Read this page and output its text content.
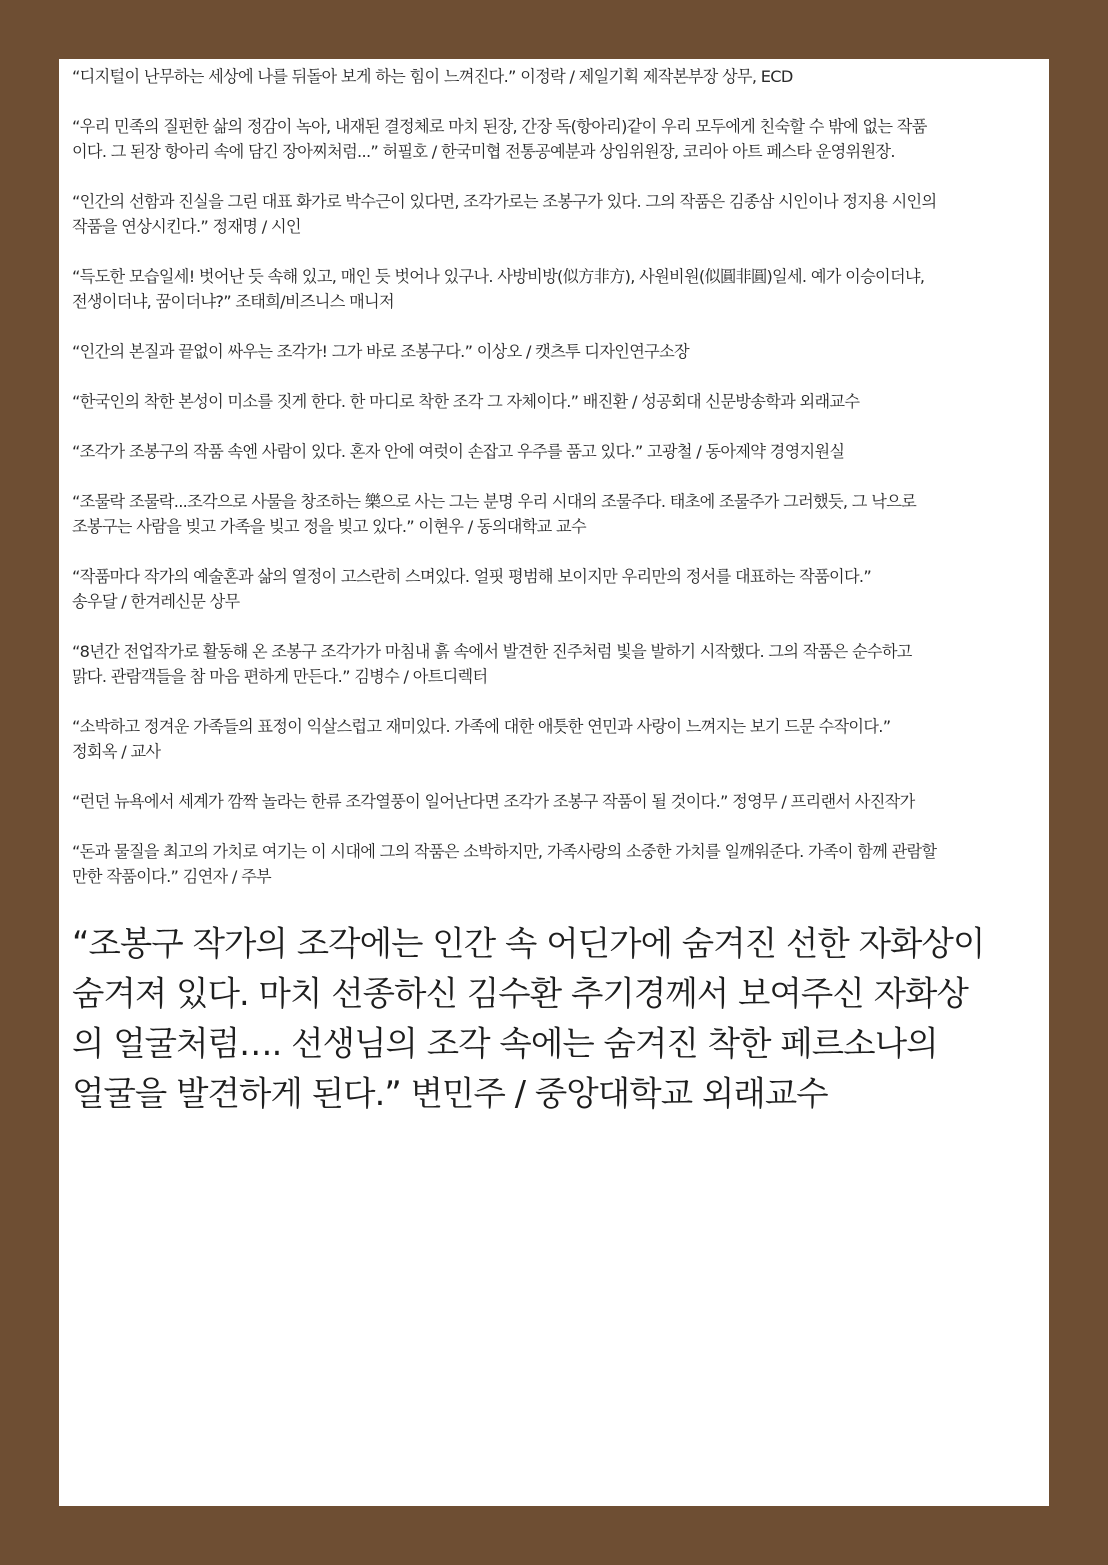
“디지털이 난무하는 세상에 나를 뒤돌아 보게 하는 힘이 느껴진다.” 이정락 / 제일기획 제작본부장 상무, ECD
“우리 민족의 질펀한 삶의 정감이 녹아, 내재된 결정체로 마치 된장, 간장 독(항아리)같이 우리 모두에게 친숙할 수 밖에 없는 작품
이다. 그 된장 항아리 속에 담긴 장아찌처럼...” 허필호 / 한국미협 전통공예분과 상임위원장, 코리아 아트 페스타 운영위원장.
“인간의 선함과 진실을 그린 대표 화가로 박수근이 있다면, 조각가로는 조봉구가 있다. 그의 작품은 김종삼 시인이나 정지용 시인의
작품을 연상시킨다.” 정재명 / 시인
“득도한 모습일세! 벗어난 듯 속해 있고, 매인 듯 벗어나 있구나. 사방비방(似方非方), 사원비원(似圓非圓)일세. 예가 이승이더냐,
전생이더냐, 꿈이더냐?” 조태희/비즈니스 매니저
“인간의 본질과 끝없이 싸우는 조각가! 그가 바로 조봉구다.” 이상오 / 캣츠투 디자인연구소장
“한국인의 착한 본성이 미소를 짓게 한다. 한 마디로 착한 조각 그 자체이다.” 배진환 / 성공회대 신문방송학과 외래교수
“조각가 조봉구의 작품 속엔 사람이 있다. 혼자 안에 여럿이 손잡고 우주를 품고 있다.” 고광철 / 동아제약 경영지원실
“조물락 조물락...조각으로 사물을 창조하는 樂으로 사는 그는 분명 우리 시대의 조물주다. 태초에 조물주가 그러했듯, 그 낙으로
조봉구는 사람을 빚고 가족을 빚고 정을 빚고 있다.” 이현우 / 동의대학교 교수
“작품마다 작가의 예술혼과 삶의 열정이 고스란히 스며있다. 얼핏 평범해 보이지만 우리만의 정서를 대표하는 작품이다.”
송우달 / 한겨레신문 상무
“8년간 전업작가로 활동해 온 조봉구 조각가가 마침내 흙 속에서 발견한 진주처럼 빛을 발하기 시작했다. 그의 작품은 순수하고
맑다. 관람객들을 참 마음 편하게 만든다.” 김병수 / 아트디렉터
“소박하고 정겨운 가족들의 표정이 익살스럽고 재미있다. 가족에 대한 애틋한 연민과 사랑이 느껴지는 보기 드문 수작이다.”
정회옥 / 교사
“런던 뉴욕에서 세계가 깜짝 놀라는 한류 조각열풍이 일어난다면 조각가 조봉구 작품이 될 것이다.” 정영무 / 프리랜서 사진작가
“돈과 물질을 최고의 가치로 여기는 이 시대에 그의 작품은 소박하지만, 가족사랑의 소중한 가치를 일깨워준다. 가족이 함께 관람할
만한 작품이다.” 김연자 / 주부
“조봉구 작가의 조각에는 인간 속 어딘가에 숨겨진 선한 자화상이
숨겨져 있다. 마치 선종하신 김수환 추기경께서 보여주신 자화상
의 얼굴처럼…. 선생님의 조각 속에는 숨겨진 착한 페르소나의
얼굴을 발견하게 된다.” 변민주 / 중앙대학교 외래교수
